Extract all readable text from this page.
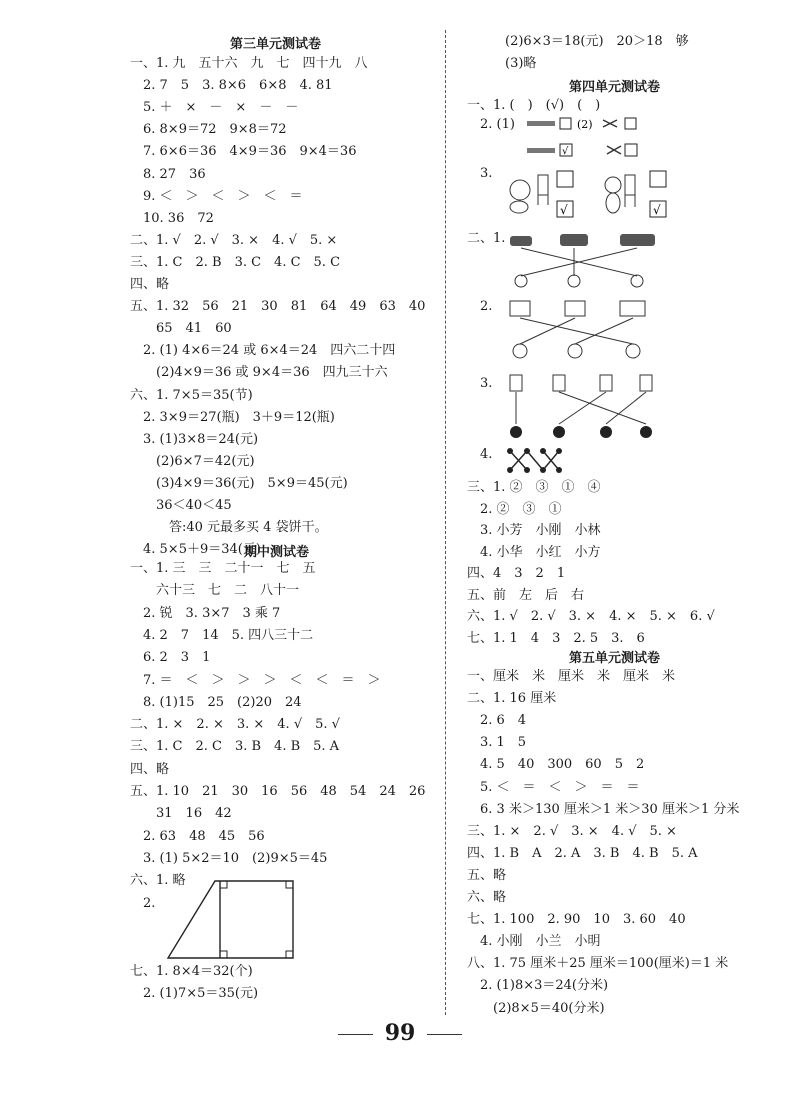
第三单元测试卷
一、1. 九　五十六　九　七　四十九　八
　2. 7　5　3. 8×6　6×8　4. 81
　5. ＋　×　－　×　－　－
　6. 8×9＝72　9×8＝72
　7. 6×6＝36　4×9＝36　9×4＝36
　8. 27　36
　9. ＜　＞　＜　＞　＜　＝
　10. 36　72
二、1. √　2. √　3. ×　4. √　5. ×
三、1. C　2. B　3. C　4. C　5. C
四、略
五、1. 32　56　21　30　81　64　49　63　40
　　65　41　60
　2. (1) 4×6＝24 或 6×4＝24　四六二十四
　　(2)4×9＝36 或 9×4＝36　四九三十六
六、1. 7×5＝35(节)
　2. 3×9＝27(瓶)　3＋9＝12(瓶)
　3. (1)3×8＝24(元)
　　(2)6×7＝42(元)
　　(3)4×9＝36(元)　5×9＝45(元)
　　36＜40＜45
　　　答:40 元最多买 4 袋饼干。
　4. 5×5＋9＝34(元)
期中测试卷
一、1. 三　三　二十一　七　五
　　六十三　七　二　八十一
　2. 锐　3. 3×7　3 乘 7
　4. 2　7　14　5. 四八三十二
　6. 2　3　1
　7. ＝　＜　＞　＞　＞　＜　＜　＝　＞
　8. (1)15　25　(2)20　24
二、1. ×　2. ×　3. ×　4. √　5. √
三、1. C　2. C　3. B　4. B　5. A
四、略
五、1. 10　21　30　16　56　48　54　24　26
　　31　16　42
　2. 63　48　45　56
　3. (1) 5×2＝10　(2)9×5＝45
六、1. 略
　2.
七、1. 8×4＝32(个)
　2. (1)7×5＝35(元)
(2)6×3＝18(元)　20＞18　够
(3)略
第四单元测试卷
一、1. (　)　(√)　(　)
　2. (1)
　3.
(2)
√
√	√
二、1.
　2.
　3.
　4.
三、1. ②　③　①　④
　2. ②　③　①
　3. 小芳　小刚　小林
　4. 小华　小红　小方
四、4　3　2　1
五、前　左　后　右
六、1. √　2. √　3. ×　4. ×　5. ×　6. √
七、1. 1　4　3　2. 5　3.　6
第五单元测试卷
一、厘米　米　厘米　米　厘米　米
二、1. 16 厘米
　2. 6　4
　3. 1　5
　4. 5　40　300　60　5　2
　5. ＜　＝　＜　＞　＝　＝
　6. 3 米＞130 厘米＞1 米＞30 厘米＞1 分米
三、1. ×　2. √　3. ×　4. √　5. ×
四、1. B　A　2. A　3. B　4. B　5. A
五、略
六、略
七、1. 100　2. 90　10　3. 60　40
　4. 小刚　小兰　小明
八、1. 75 厘米＋25 厘米＝100(厘米)＝1 米
　2. (1)8×3＝24(分米)
　　(2)8×5＝40(分米)
99
